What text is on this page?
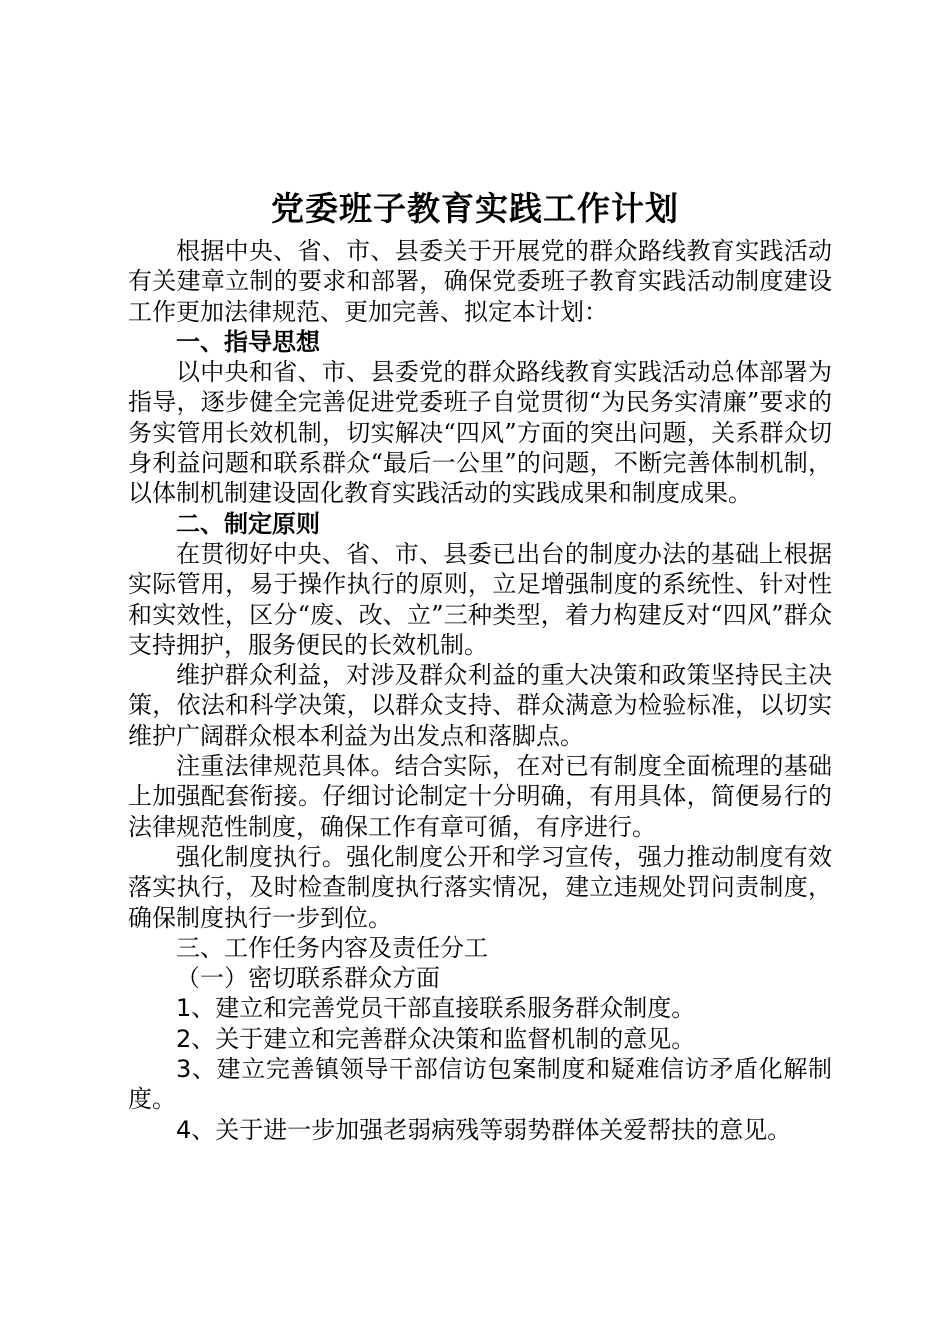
党委班子教育实践工作计划

根据中央、省、市、县委关于开展党的群众路线教育实践活动有关建章立制的要求和部署，确保党委班子教育实践活动制度建设工作更加法律规范、更加完善、拟定本计划：

一、指导思想

以中央和省、市、县委党的群众路线教育实践活动总体部署为指导，逐步健全完善促进党委班子自觉贯彻“为民务实清廉”要求的务实管用长效机制，切实解决“四风”方面的突出问题，关系群众切身利益问题和联系群众“最后一公里”的问题，不断完善体制机制，以体制机制建设固化教育实践活动的实践成果和制度成果。

二、制定原则

在贯彻好中央、省、市、县委已出台的制度办法的基础上根据实际管用，易于操作执行的原则，立足增强制度的系统性、针对性和实效性，区分“废、改、立”三种类型，着力构建反对“四风”群众支持拥护，服务便民的长效机制。

维护群众利益，对涉及群众利益的重大决策和政策坚持民主决策，依法和科学决策，以群众支持、群众满意为检验标准，以切实维护广阔群众根本利益为出发点和落脚点。

注重法律规范具体。结合实际，在对已有制度全面梳理的基础上加强配套衔接。仔细讨论制定十分明确，有用具体，简便易行的法律规范性制度，确保工作有章可循，有序进行。

强化制度执行。强化制度公开和学习宣传，强力推动制度有效落实执行，及时检查制度执行落实情况，建立违规处罚问责制度，确保制度执行一步到位。

三、工作任务内容及责任分工

（一）密切联系群众方面

1、建立和完善党员干部直接联系服务群众制度。

2、关于建立和完善群众决策和监督机制的意见。

3、建立完善镇领导干部信访包案制度和疑难信访矛盾化解制度。

4、关于进一步加强老弱病残等弱势群体关爱帮扶的意见。
